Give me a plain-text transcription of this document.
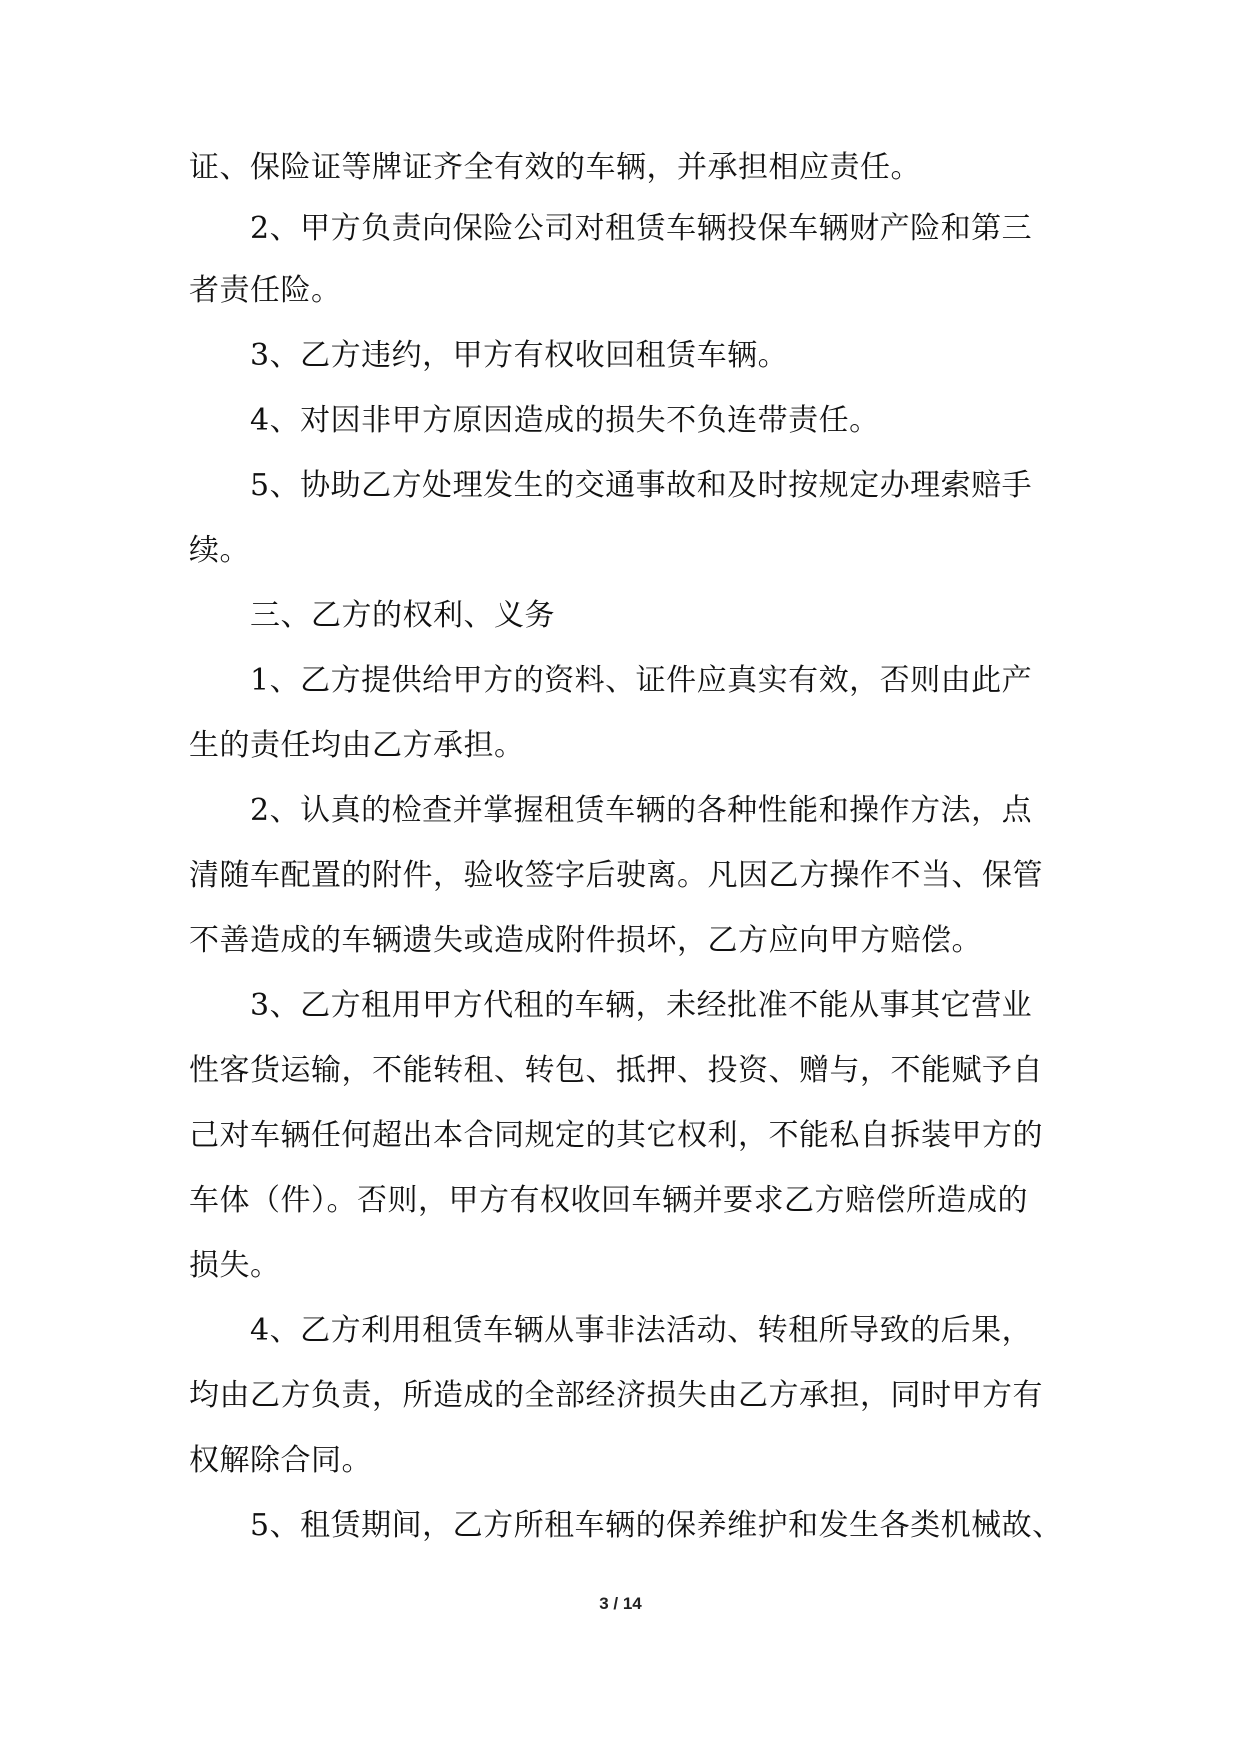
证、保险证等牌证齐全有效的车辆，并承担相应责任。
2、甲方负责向保险公司对租赁车辆投保车辆财产险和第三
者责任险。
3、乙方违约，甲方有权收回租赁车辆。
4、对因非甲方原因造成的损失不负连带责任。
5、协助乙方处理发生的交通事故和及时按规定办理索赔手
续。
三、乙方的权利、义务
1、乙方提供给甲方的资料、证件应真实有效，否则由此产
生的责任均由乙方承担。
2、认真的检查并掌握租赁车辆的各种性能和操作方法，点
清随车配置的附件，验收签字后驶离。凡因乙方操作不当、保管
不善造成的车辆遗失或造成附件损坏，乙方应向甲方赔偿。
3、乙方租用甲方代租的车辆，未经批准不能从事其它营业
性客货运输，不能转租、转包、抵押、投资、赠与，不能赋予自
己对车辆任何超出本合同规定的其它权利，不能私自拆装甲方的
车体（件）。否则，甲方有权收回车辆并要求乙方赔偿所造成的
损失。
4、乙方利用租赁车辆从事非法活动、转租所导致的后果，
均由乙方负责，所造成的全部经济损失由乙方承担，同时甲方有
权解除合同。
5、租赁期间，乙方所租车辆的保养维护和发生各类机械故、
3 / 14
